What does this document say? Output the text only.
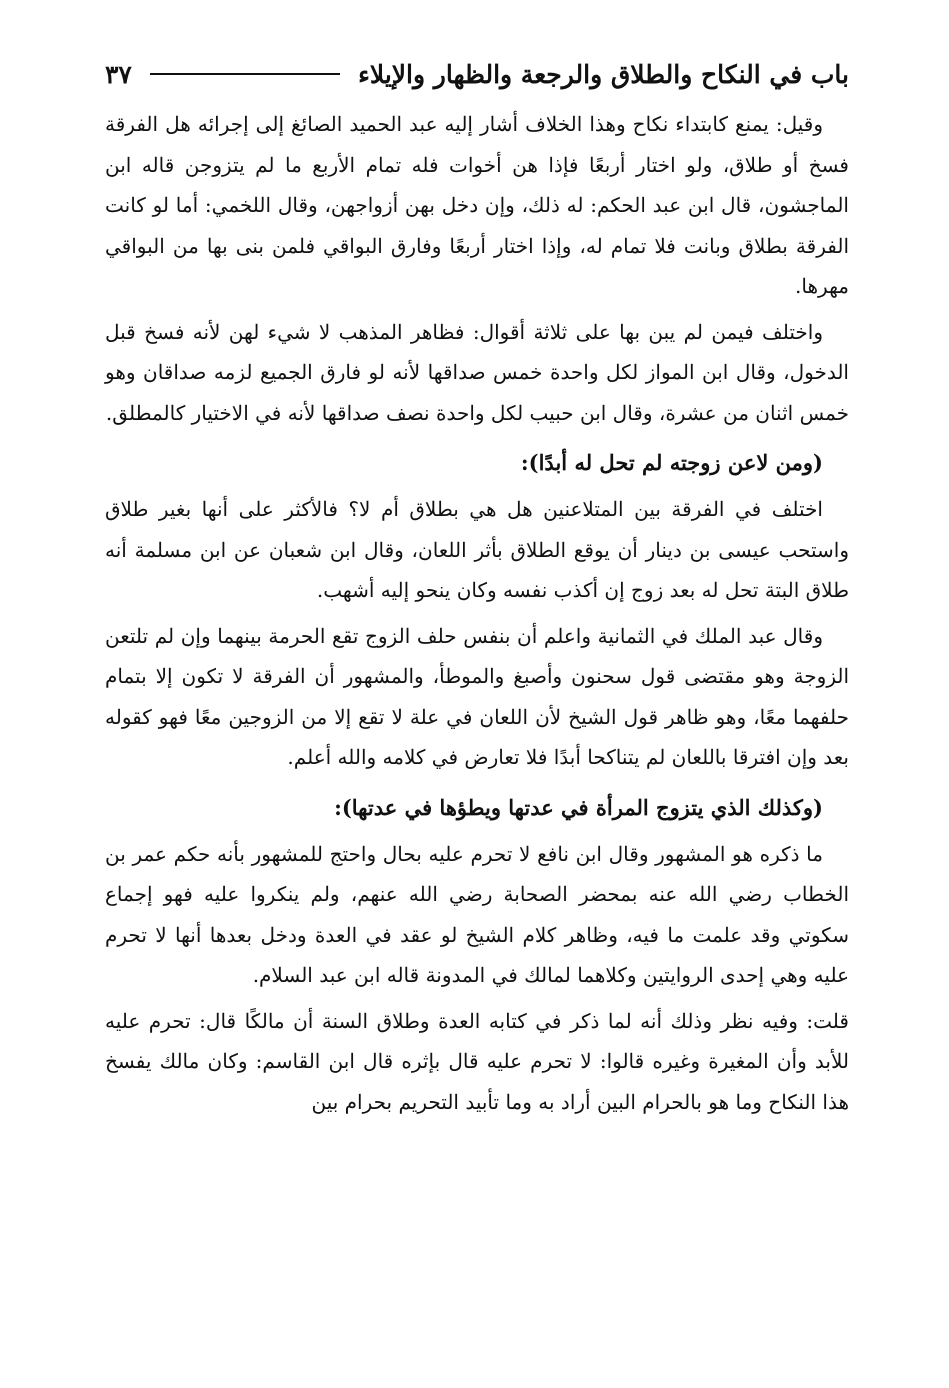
باب في النكاح والطلاق والرجعة والظهار والإيلاء
٣٧

وقيل: يمنع كابتداء نكاح وهذا الخلاف أشار إليه عبد الحميد الصائغ إلى إجرائه هل الفرقة فسخ أو طلاق، ولو اختار أربعًا فإذا هن أخوات فله تمام الأربع ما لم يتزوجن قاله ابن الماجشون، قال ابن عبد الحكم: له ذلك، وإن دخل بهن أزواجهن، وقال اللخمي: أما لو كانت الفرقة بطلاق وبانت فلا تمام له، وإذا اختار أربعًا وفارق البواقي فلمن بنى بها من البواقي مهرها.

واختلف فيمن لم يبن بها على ثلاثة أقوال: فظاهر المذهب لا شيء لهن لأنه فسخ قبل الدخول، وقال ابن المواز لكل واحدة خمس صداقها لأنه لو فارق الجميع لزمه صداقان وهو خمس اثنان من عشرة، وقال ابن حبيب لكل واحدة نصف صداقها لأنه في الاختيار كالمطلق.

(ومن لاعن زوجته لم تحل له أبدًا):

اختلف في الفرقة بين المتلاعنين هل هي بطلاق أم لا؟ فالأكثر على أنها بغير طلاق واستحب عيسى بن دينار أن يوقع الطلاق بأثر اللعان، وقال ابن شعبان عن ابن مسلمة أنه طلاق البتة تحل له بعد زوج إن أكذب نفسه وكان ينحو إليه أشهب.

وقال عبد الملك في الثمانية واعلم أن بنفس حلف الزوج تقع الحرمة بينهما وإن لم تلتعن الزوجة وهو مقتضى قول سحنون وأصبغ والموطأ، والمشهور أن الفرقة لا تكون إلا بتمام حلفهما معًا، وهو ظاهر قول الشيخ لأن اللعان في علة لا تقع إلا من الزوجين معًا فهو كقوله بعد وإن افترقا باللعان لم يتناكحا أبدًا فلا تعارض في كلامه والله أعلم.

(وكذلك الذي يتزوج المرأة في عدتها ويطؤها في عدتها):

ما ذكره هو المشهور وقال ابن نافع لا تحرم عليه بحال واحتج للمشهور بأنه حكم عمر بن الخطاب رضي الله عنه بمحضر الصحابة رضي الله عنهم، ولم ينكروا عليه فهو إجماع سكوتي وقد علمت ما فيه، وظاهر كلام الشيخ لو عقد في العدة ودخل بعدها أنها لا تحرم عليه وهي إحدى الروايتين وكلاهما لمالك في المدونة قاله ابن عبد السلام.

قلت: وفيه نظر وذلك أنه لما ذكر في كتابه العدة وطلاق السنة أن مالكًا قال: تحرم عليه للأبد وأن المغيرة وغيره قالوا: لا تحرم عليه قال بإثره قال ابن القاسم: وكان مالك يفسخ هذا النكاح وما هو بالحرام البين أراد به وما تأبيد التحريم بحرام بين
